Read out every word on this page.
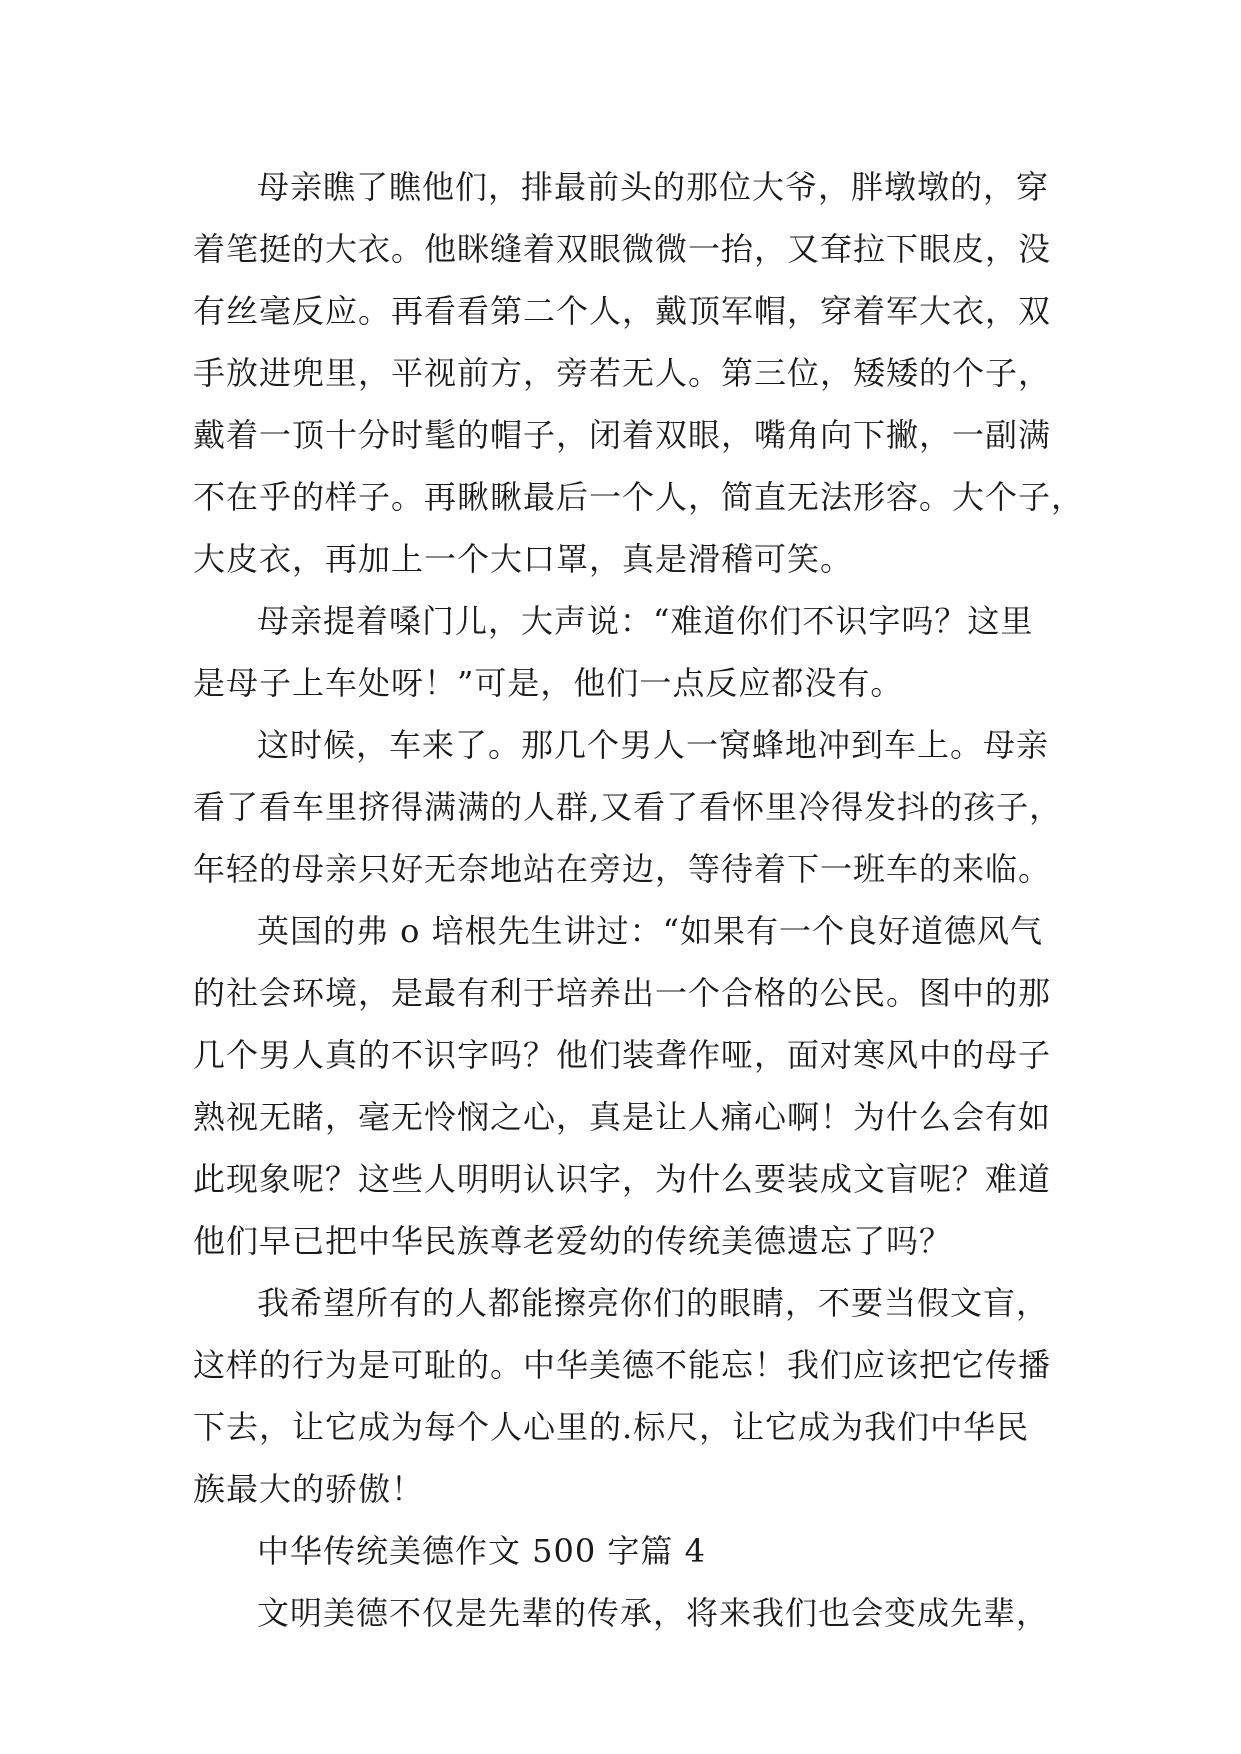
母亲瞧了瞧他们，排最前头的那位大爷，胖墩墩的，穿
着笔挺的大衣。他眯缝着双眼微微一抬，又耷拉下眼皮，没
有丝毫反应。再看看第二个人，戴顶军帽，穿着军大衣，双
手放进兜里，平视前方，旁若无人。第三位，矮矮的个子，
戴着一顶十分时髦的帽子，闭着双眼，嘴角向下撇，一副满
不在乎的样子。再瞅瞅最后一个人，简直无法形容。大个子，
大皮衣，再加上一个大口罩，真是滑稽可笑。
母亲提着嗓门儿，大声说：“难道你们不识字吗？这里
是母子上车处呀！”可是，他们一点反应都没有。
这时候，车来了。那几个男人一窝蜂地冲到车上。母亲
看了看车里挤得满满的人群,又看了看怀里冷得发抖的孩子，
年轻的母亲只好无奈地站在旁边，等待着下一班车的来临。
英国的弗 o 培根先生讲过：“如果有一个良好道德风气
的社会环境，是最有利于培养出一个合格的公民。图中的那
几个男人真的不识字吗？他们装聋作哑，面对寒风中的母子
熟视无睹，毫无怜悯之心，真是让人痛心啊！为什么会有如
此现象呢？这些人明明认识字，为什么要装成文盲呢？难道
他们早已把中华民族尊老爱幼的传统美德遗忘了吗？
我希望所有的人都能擦亮你们的眼睛，不要当假文盲，
这样的行为是可耻的。中华美德不能忘！我们应该把它传播
下去，让它成为每个人心里的.标尺，让它成为我们中华民
族最大的骄傲！
中华传统美德作文 500 字篇 4
文明美德不仅是先辈的传承，将来我们也会变成先辈，
